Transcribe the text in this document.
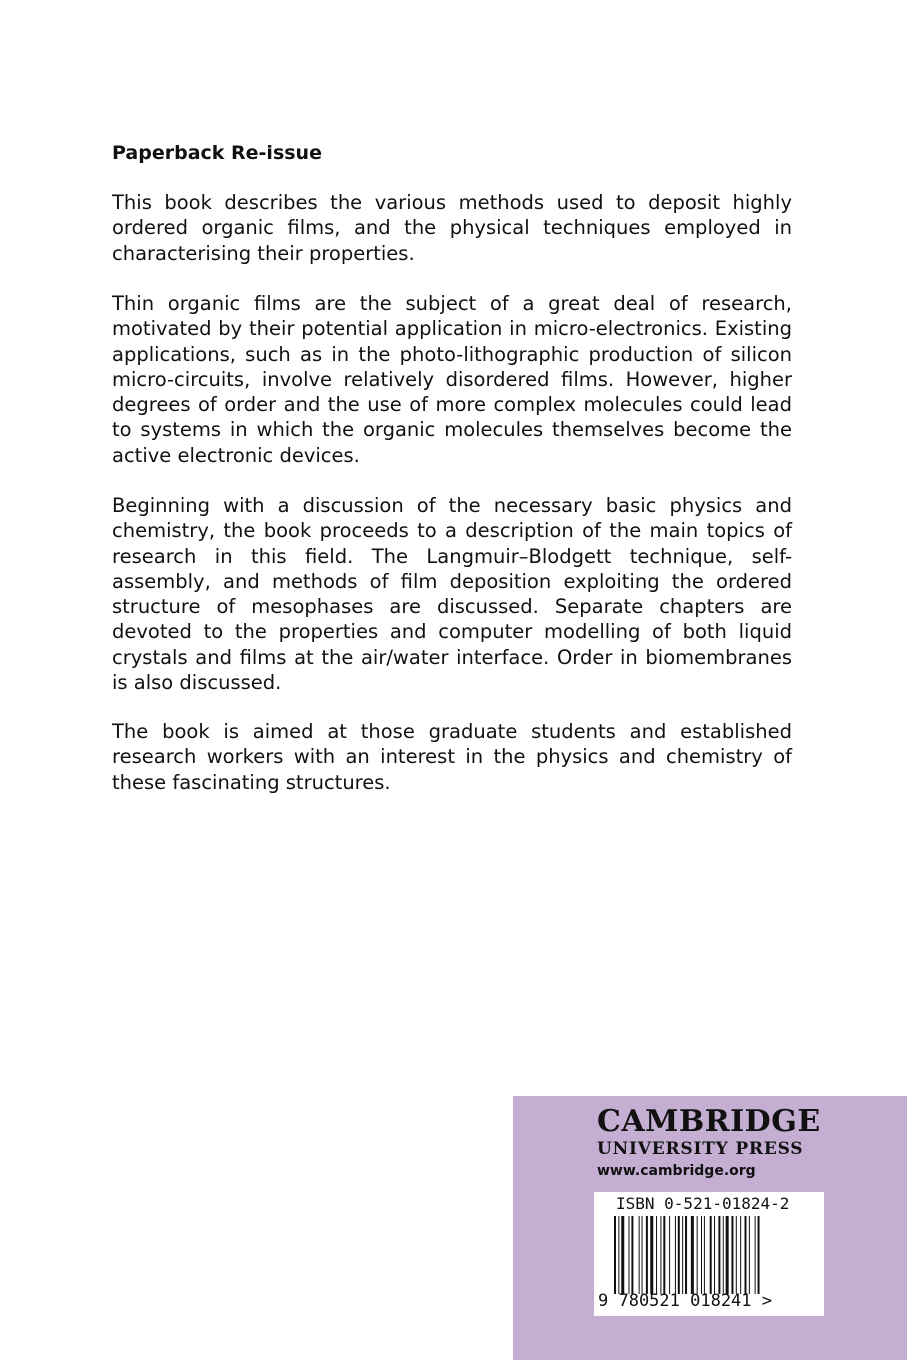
Paperback Re-issue

This book describes the various methods used to deposit highly ordered organic films, and the physical techniques employed in characterising their properties.

Thin organic films are the subject of a great deal of research, motivated by their potential application in micro-electronics. Existing applications, such as in the photo-lithographic production of silicon micro-circuits, involve relatively disordered films. However, higher degrees of order and the use of more complex molecules could lead to systems in which the organic molecules themselves become the active electronic devices.

Beginning with a discussion of the necessary basic physics and chemistry, the book proceeds to a description of the main topics of research in this field. The Langmuir–Blodgett technique, self-assembly, and methods of film deposition exploiting the ordered structure of mesophases are discussed. Separate chapters are devoted to the properties and computer modelling of both liquid crystals and films at the air/water interface. Order in biomembranes is also discussed.

The book is aimed at those graduate students and established research workers with an interest in the physics and chemistry of these fascinating structures.

CAMBRIDGE

UNIVERSITY PRESS

www.cambridge.org

ISBN 0-521-01824-2

9 780521 018241 >
